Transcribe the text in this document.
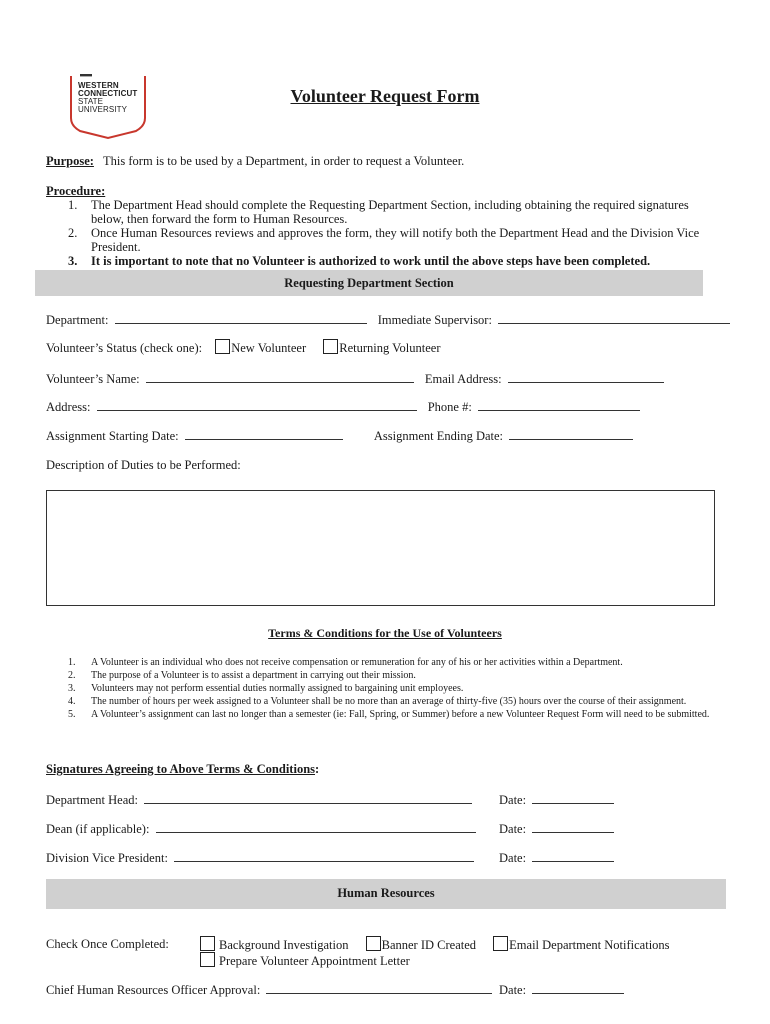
WESTERN
CONNECTICUT
STATE
UNIVERSITY
Volunteer Request Form
Purpose: This form is to be used by a Department, in order to request a Volunteer.
Procedure:
1. The Department Head should complete the Requesting Department Section, including obtaining the required signatures below, then forward the form to Human Resources.
2. Once Human Resources reviews and approves the form, they will notify both the Department Head and the Division Vice President.
3. It is important to note that no Volunteer is authorized to work until the above steps have been completed.
Requesting Department Section
Department:	Immediate Supervisor:
Volunteer’s Status (check one): New Volunteer	Returning Volunteer
Volunteer’s Name:	Email Address:
Address:	Phone #:
Assignment Starting Date:	Assignment Ending Date:
Description of Duties to be Performed:
Terms & Conditions for the Use of Volunteers
1. A Volunteer is an individual who does not receive compensation or remuneration for any of his or her activities within a Department.
2. The purpose of a Volunteer is to assist a department in carrying out their mission.
3. Volunteers may not perform essential duties normally assigned to bargaining unit employees.
4. The number of hours per week assigned to a Volunteer shall be no more than an average of thirty-five (35) hours over the course of their assignment.
5. A Volunteer’s assignment can last no longer than a semester (ie: Fall, Spring, or Summer) before a new Volunteer Request Form will need to be submitted.
Signatures Agreeing to Above Terms & Conditions:
Department Head:	Date:
Dean (if applicable):	Date:
Division Vice President:	Date:
Human Resources
Check Once Completed:	Background Investigation	Banner ID Created	Email Department Notifications
Prepare Volunteer Appointment Letter
Chief Human Resources Officer Approval:	Date:
